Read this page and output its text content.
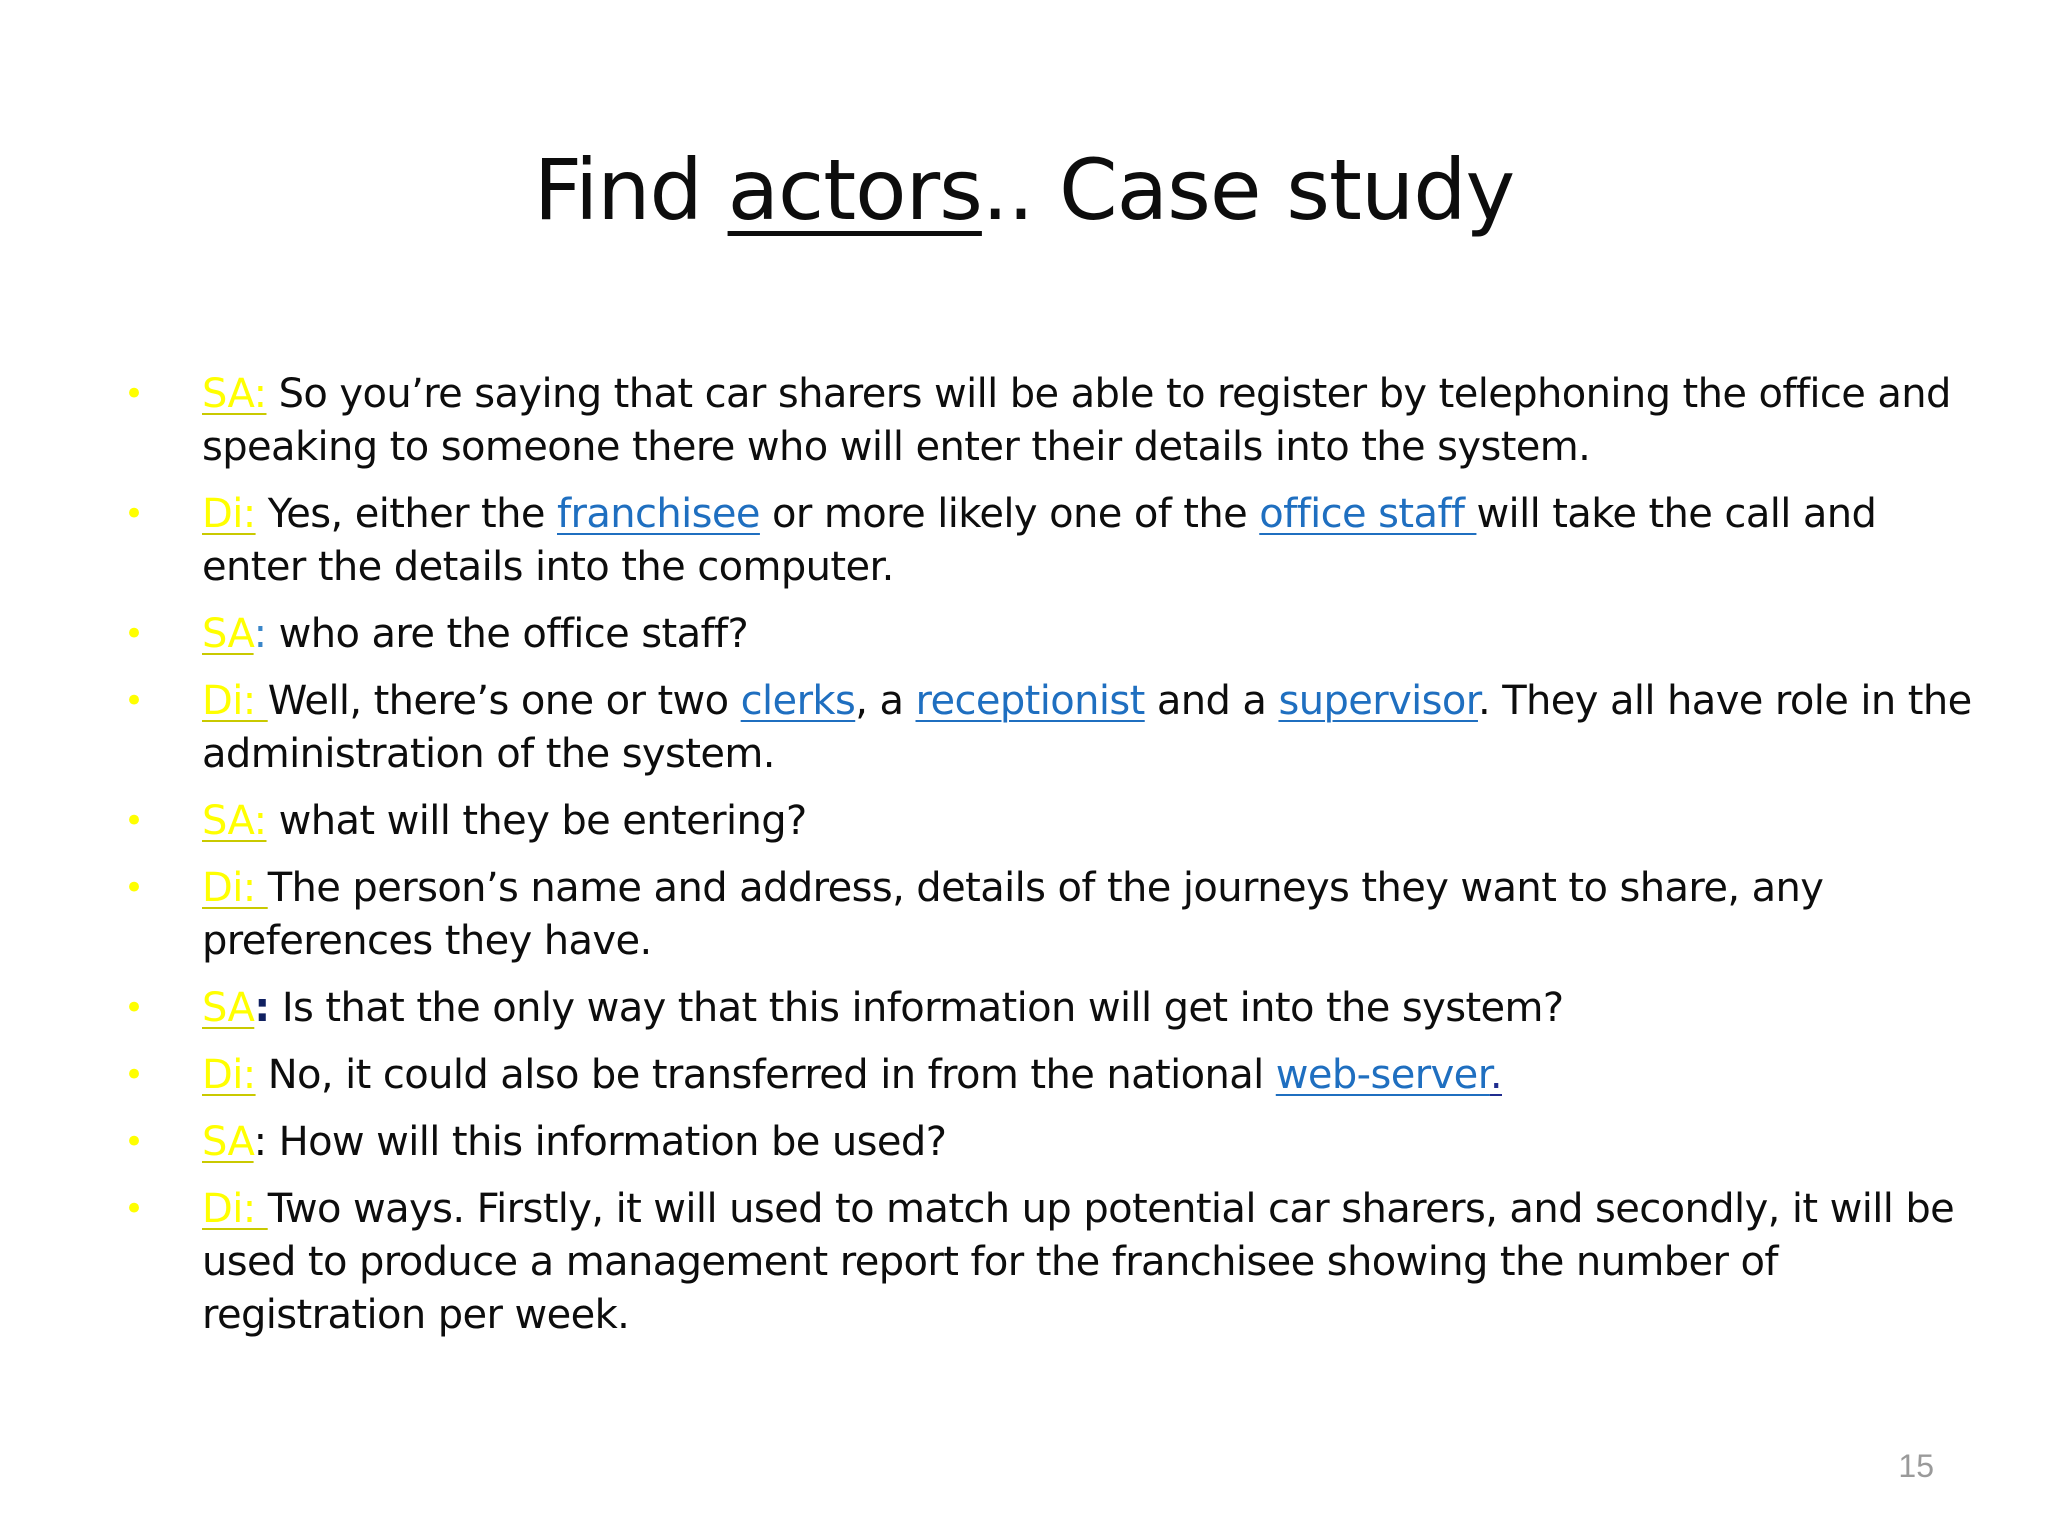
Find actors.. Case study
• SA: So you’re saying that car sharers will be able to register by telephoning the office and speaking to someone there who will enter their details into the system.
• Di: Yes, either the franchisee or more likely one of the office staff will take the call and enter the details into the computer.
• SA: who are the office staff?
• Di: Well, there’s one or two clerks, a receptionist and a supervisor. They all have role in the administration of the system.
• SA: what will they be entering?
• Di: The person’s name and address, details of the journeys they want to share, any preferences they have.
• SA: Is that the only way that this information will get into the system?
• Di: No, it could also be transferred in from the national web-server.
• SA: How will this information be used?
• Di: Two ways. Firstly, it will used to match up potential car sharers, and secondly, it will be used to produce a management report for the franchisee showing the number of registration per week.
15
